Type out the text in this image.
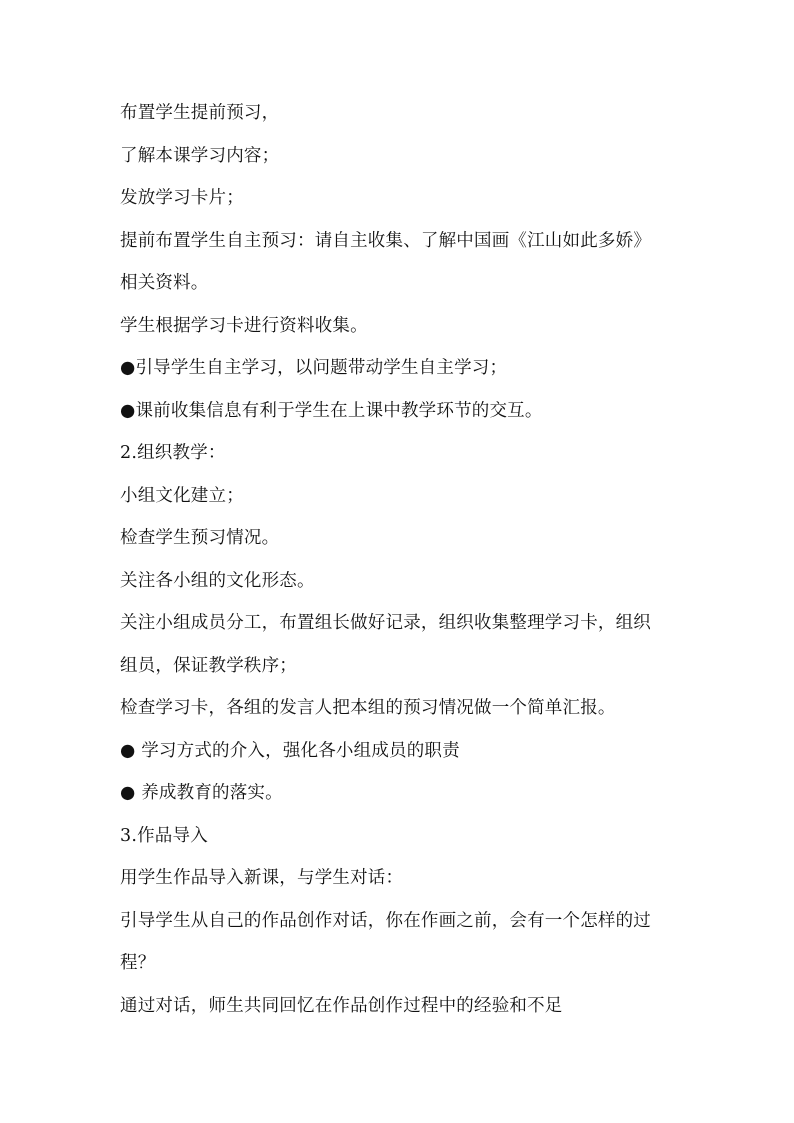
布置学生提前预习，
了解本课学习内容；
发放学习卡片；
提前布置学生自主预习：请自主收集、了解中国画《江山如此多娇》
相关资料。
学生根据学习卡进行资料收集。
●引导学生自主学习，以问题带动学生自主学习；
●课前收集信息有利于学生在上课中教学环节的交互。
2.组织教学：
小组文化建立；
检查学生预习情况。
关注各小组的文化形态。
关注小组成员分工，布置组长做好记录，组织收集整理学习卡，组织
组员，保证教学秩序；
检查学习卡，各组的发言人把本组的预习情况做一个简单汇报。
● 学习方式的介入，强化各小组成员的职责
● 养成教育的落实。
3.作品导入
用学生作品导入新课，与学生对话：
引导学生从自己的作品创作对话，你在作画之前，会有一个怎样的过
程？
通过对话，师生共同回忆在作品创作过程中的经验和不足
